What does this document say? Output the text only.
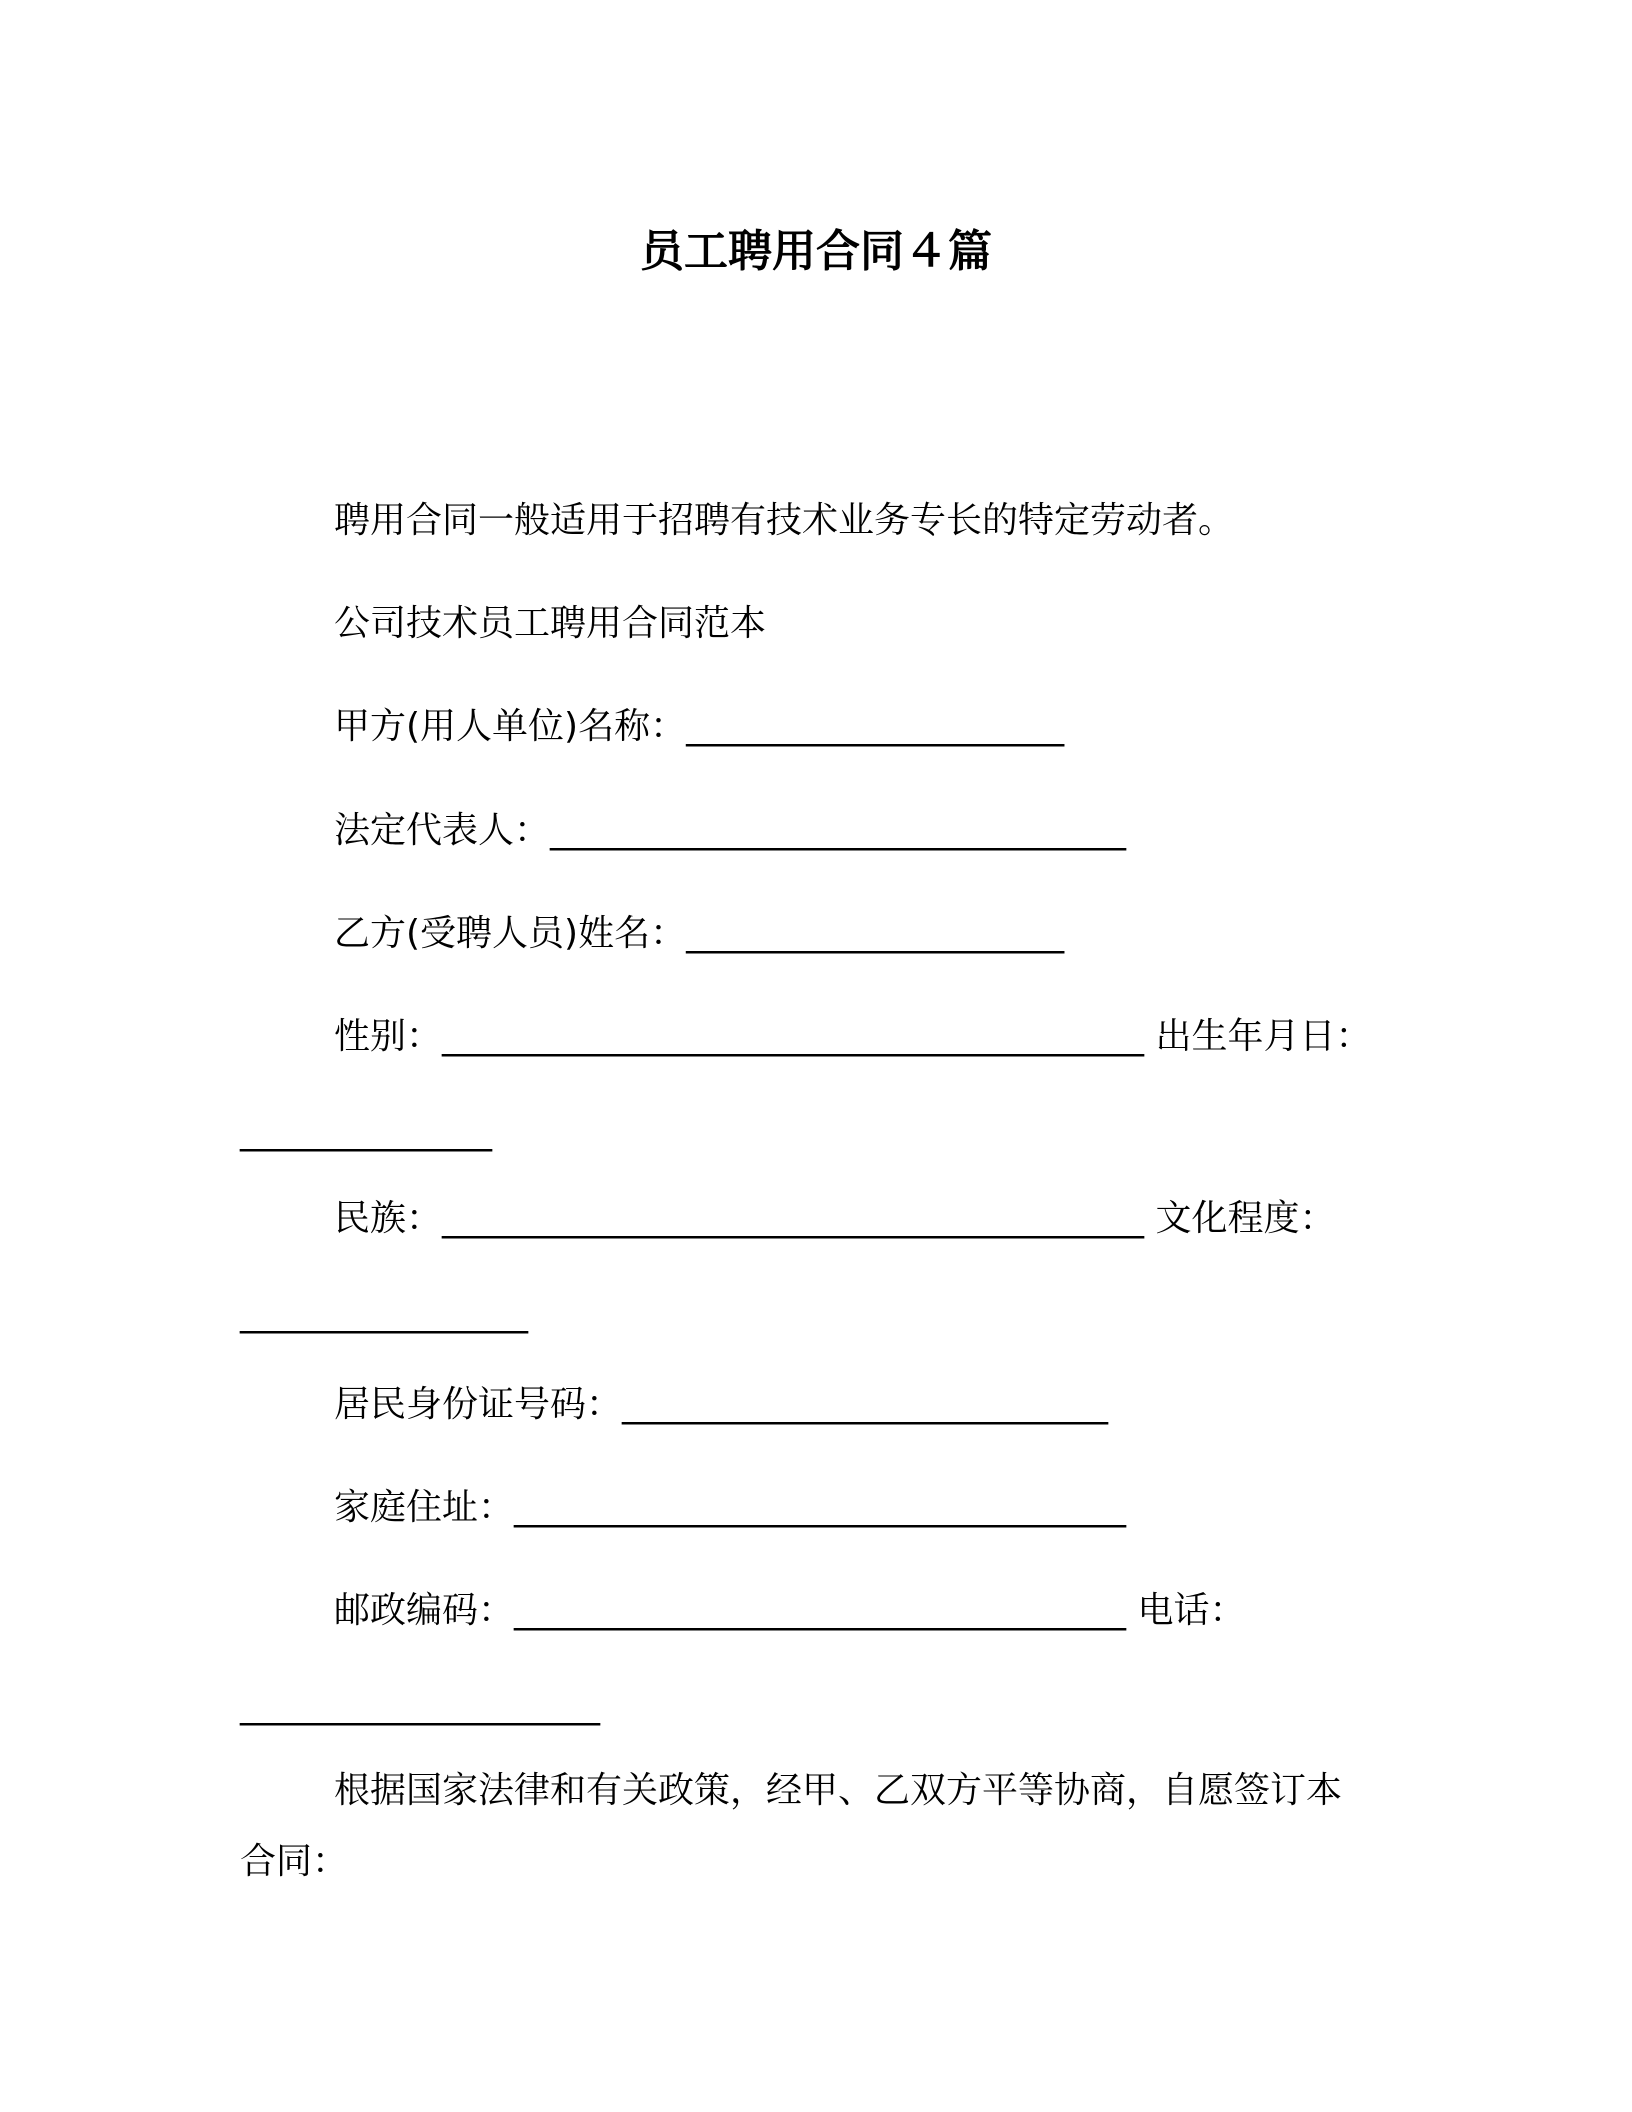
员工聘用合同４篇
聘用合同一般适用于招聘有技术业务专长的特定劳动者。
公司技术员工聘用合同范本
甲方(用人单位)名称：_____________________
法定代表人：________________________________
乙方(受聘人员)姓名：_____________________
性别：_______________________________________ 出生年月日：
______________
民族：_______________________________________ 文化程度：
________________
居民身份证号码：___________________________
家庭住址：__________________________________
邮政编码：__________________________________ 电话：
____________________
根据国家法律和有关政策，经甲、乙双方平等协商，自愿签订本
合同：
